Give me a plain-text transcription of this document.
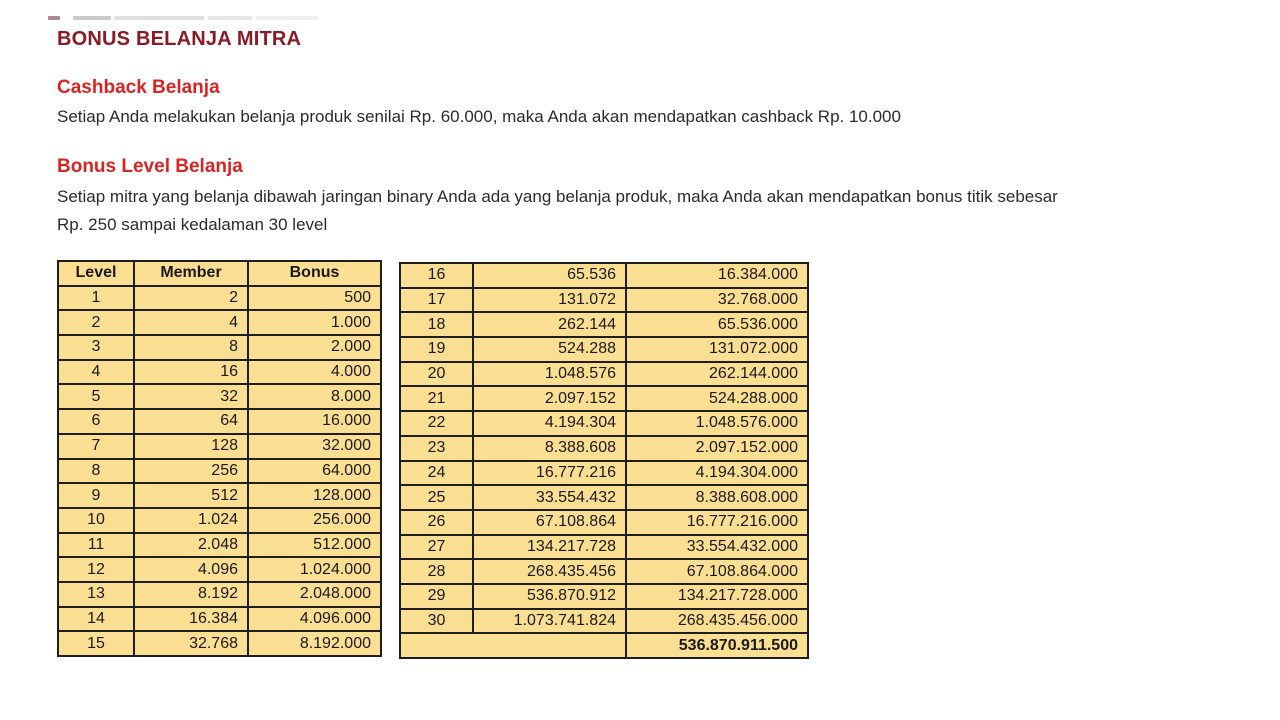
BONUS BELANJA MITRA
Cashback Belanja

Setiap Anda melakukan belanja produk senilai Rp. 60.000, maka Anda akan mendapatkan cashback Rp. 10.000

Bonus Level Belanja
Setiap mitra yang belanja dibawah jaringan binary Anda ada yang belanja produk, maka Anda akan mendapatkan bonus titik sebesar
Rp. 250 sampai kedalaman 30 level
Level	Member	Bonus
1	2	500
2	4	1.000
3	8	2.000
4	16	4.000
5	32	8.000
6	64	16.000
7	128	32.000
8	256	64.000
9	512	128.000
10	1.024	256.000
11	2.048	512.000
12	4.096	1.024.000
13	8.192	2.048.000
14	16.384	4.096.000
15	32.768	8.192.000
16	65.536	16.384.000
17	131.072	32.768.000
18	262.144	65.536.000
19	524.288	131.072.000
20	1.048.576	262.144.000
21	2.097.152	524.288.000
22	4.194.304	1.048.576.000
23	8.388.608	2.097.152.000
24	16.777.216	4.194.304.000
25	33.554.432	8.388.608.000
26	67.108.864	16.777.216.000
27	134.217.728	33.554.432.000
28	268.435.456	67.108.864.000
29	536.870.912	134.217.728.000
30	1.073.741.824	268.435.456.000
		536.870.911.500
